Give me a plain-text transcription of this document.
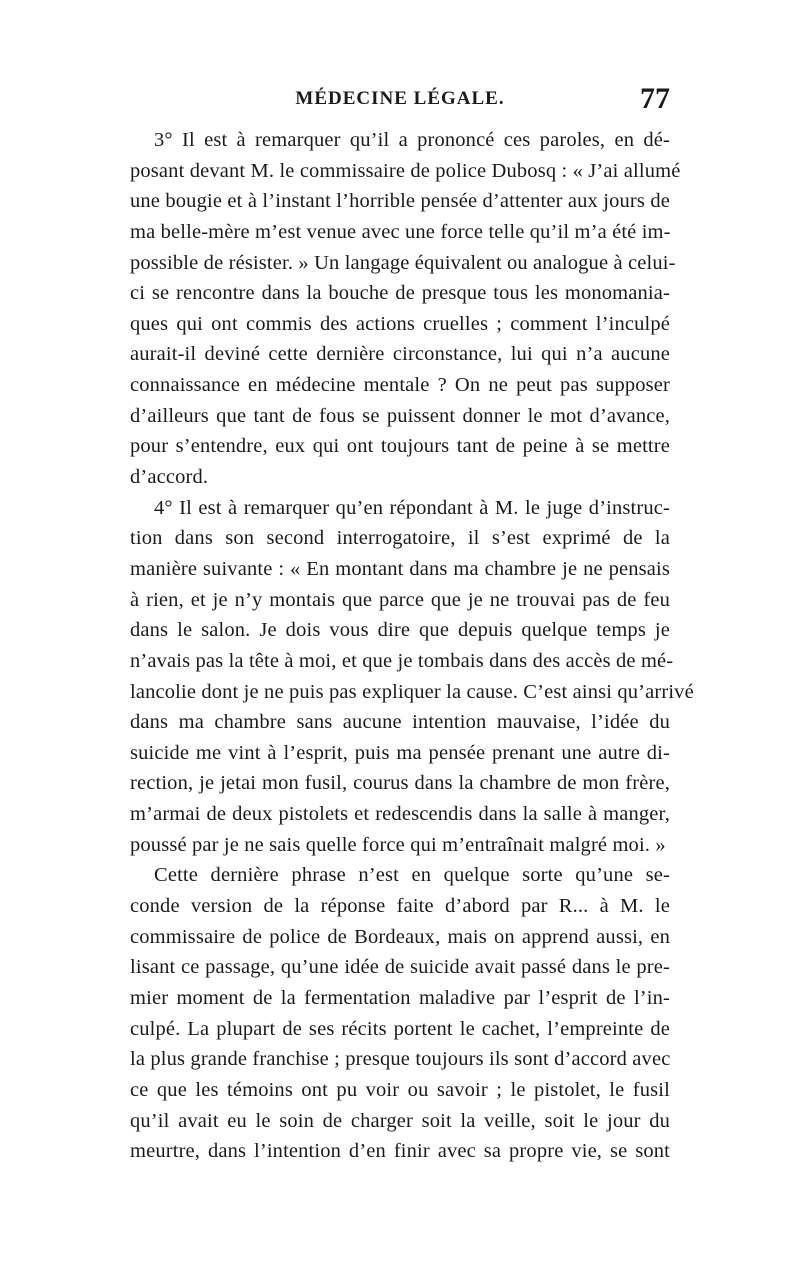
MÉDECINE LÉGALE.	77
3° Il est à remarquer qu’il a prononcé ces paroles, en dé-
posant devant M. le commissaire de police Dubosq : « J’ai allumé
une bougie et à l’instant l’horrible pensée d’attenter aux jours de
ma belle-mère m’est venue avec une force telle qu’il m’a été im-
possible de résister. » Un langage équivalent ou analogue à celui-
ci se rencontre dans la bouche de presque tous les monomania-
ques qui ont commis des actions cruelles ; comment l’inculpé
aurait-il deviné cette dernière circonstance, lui qui n’a aucune
connaissance en médecine mentale ? On ne peut pas supposer
d’ailleurs que tant de fous se puissent donner le mot d’avance,
pour s’entendre, eux qui ont toujours tant de peine à se mettre
d’accord.
4° Il est à remarquer qu’en répondant à M. le juge d’instruc-
tion dans son second interrogatoire, il s’est exprimé de la
manière suivante : « En montant dans ma chambre je ne pensais
à rien, et je n’y montais que parce que je ne trouvai pas de feu
dans le salon. Je dois vous dire que depuis quelque temps je
n’avais pas la tête à moi, et que je tombais dans des accès de mé-
lancolie dont je ne puis pas expliquer la cause. C’est ainsi qu’arrivé
dans ma chambre sans aucune intention mauvaise, l’idée du
suicide me vint à l’esprit, puis ma pensée prenant une autre di-
rection, je jetai mon fusil, courus dans la chambre de mon frère,
m’armai de deux pistolets et redescendis dans la salle à manger,
poussé par je ne sais quelle force qui m’entraînait malgré moi. »
Cette dernière phrase n’est en quelque sorte qu’une se-
conde version de la réponse faite d’abord par R... à M. le
commissaire de police de Bordeaux, mais on apprend aussi, en
lisant ce passage, qu’une idée de suicide avait passé dans le pre-
mier moment de la fermentation maladive par l’esprit de l’in-
culpé. La plupart de ses récits portent le cachet, l’empreinte de
la plus grande franchise ; presque toujours ils sont d’accord avec
ce que les témoins ont pu voir ou savoir ; le pistolet, le fusil
qu’il avait eu le soin de charger soit la veille, soit le jour du
meurtre, dans l’intention d’en finir avec sa propre vie, se sont
